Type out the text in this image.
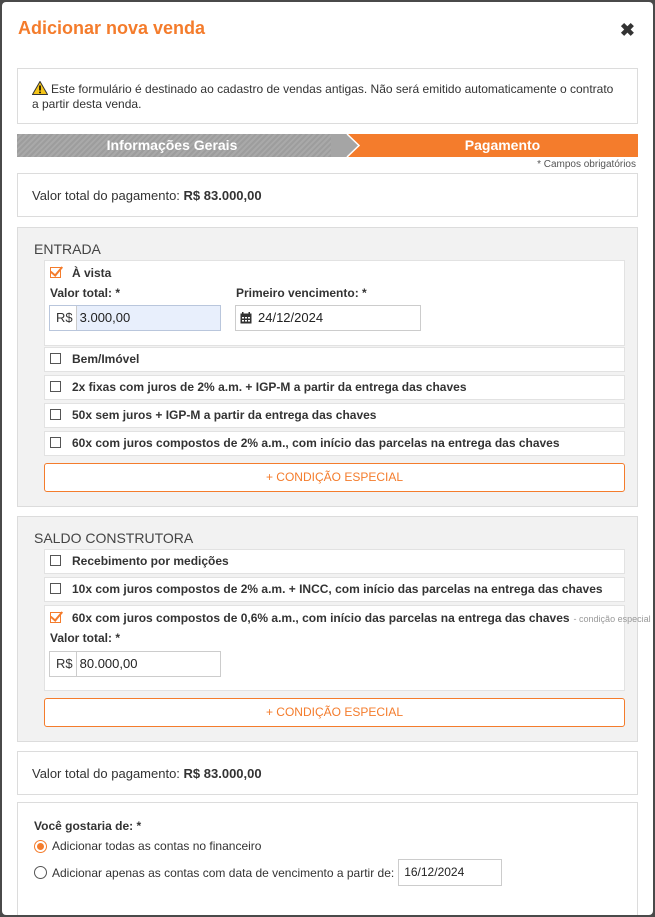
Adicionar nova venda	✖
Este formulário é destinado ao cadastro de vendas antigas. Não será emitido automaticamente o contrato a partir desta venda.
Informações Gerais	Pagamento
* Campos obrigatórios
Valor total do pagamento: R$ 83.000,00
ENTRADA
À vista
Valor total: *	Primeiro vencimento: *
R$ 3.000,00	24/12/2024
Bem/Imóvel
2x fixas com juros de 2% a.m. + IGP-M a partir da entrega das chaves
50x sem juros + IGP-M a partir da entrega das chaves
60x com juros compostos de 2% a.m., com início das parcelas na entrega das chaves
+ CONDIÇÃO ESPECIAL
SALDO CONSTRUTORA
Recebimento por medições
10x com juros compostos de 2% a.m. + INCC, com início das parcelas na entrega das chaves
60x com juros compostos de 0,6% a.m., com início das parcelas na entrega das chaves - condição especial
Valor total: *
R$ 80.000,00
+ CONDIÇÃO ESPECIAL
Valor total do pagamento: R$ 83.000,00
Você gostaria de: *
Adicionar todas as contas no financeiro
Adicionar apenas as contas com data de vencimento a partir de: 16/12/2024
